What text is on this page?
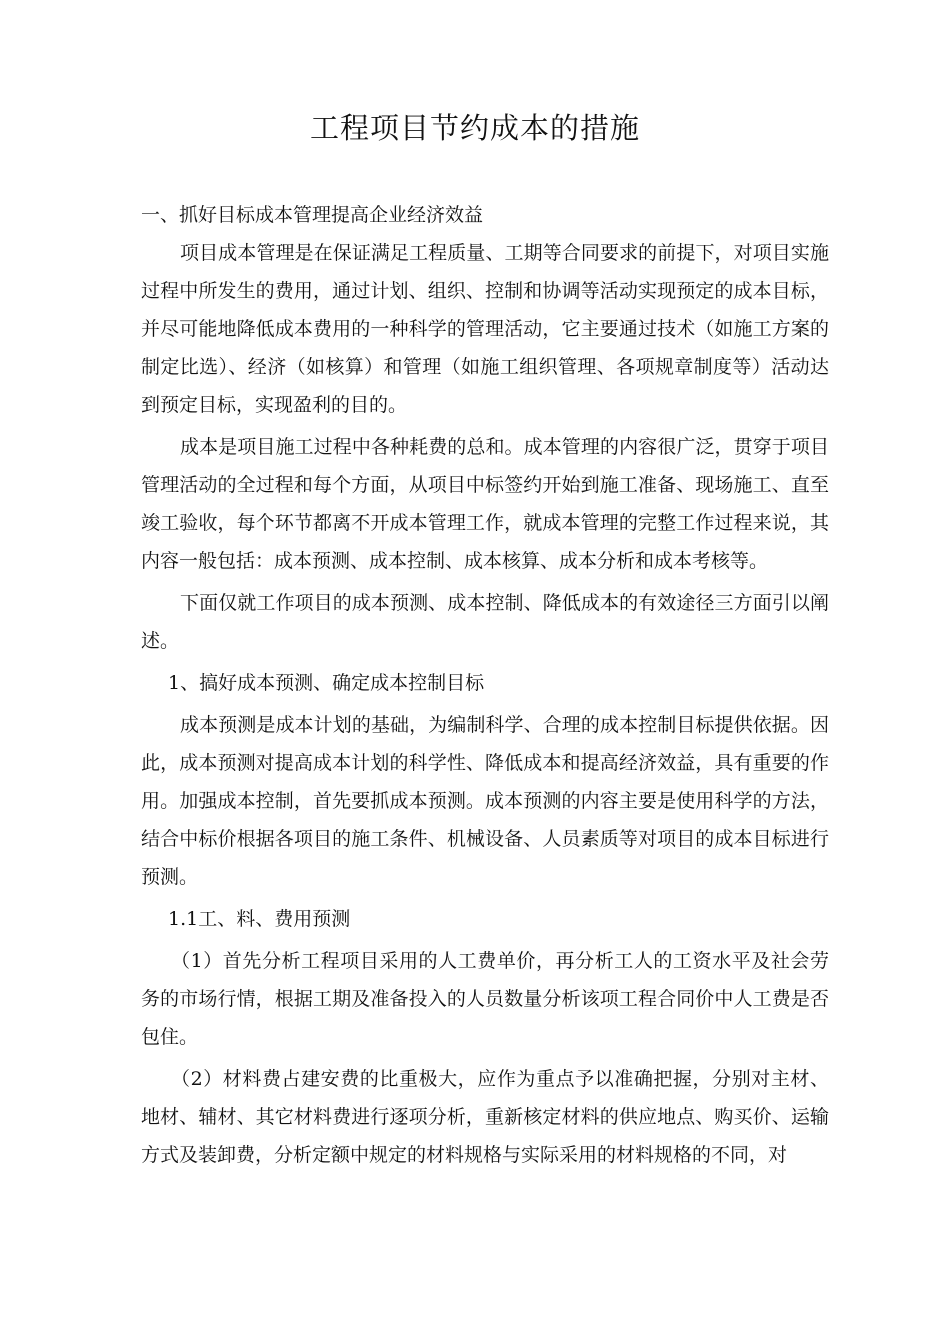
工程项目节约成本的措施

一、抓好目标成本管理提高企业经济效益

项目成本管理是在保证满足工程质量、工期等合同要求的前提下，对项目实施过程中所发生的费用，通过计划、组织、控制和协调等活动实现预定的成本目标，并尽可能地降低成本费用的一种科学的管理活动，它主要通过技术（如施工方案的制定比选）、经济（如核算）和管理（如施工组织管理、各项规章制度等）活动达到预定目标，实现盈利的目的。

成本是项目施工过程中各种耗费的总和。成本管理的内容很广泛，贯穿于项目管理活动的全过程和每个方面，从项目中标签约开始到施工准备、现场施工、直至竣工验收，每个环节都离不开成本管理工作，就成本管理的完整工作过程来说，其内容一般包括：成本预测、成本控制、成本核算、成本分析和成本考核等。

下面仅就工作项目的成本预测、成本控制、降低成本的有效途径三方面引以阐述。

1、搞好成本预测、确定成本控制目标

成本预测是成本计划的基础，为编制科学、合理的成本控制目标提供依据。因此，成本预测对提高成本计划的科学性、降低成本和提高经济效益，具有重要的作用。加强成本控制，首先要抓成本预测。成本预测的内容主要是使用科学的方法，结合中标价根据各项目的施工条件、机械设备、人员素质等对项目的成本目标进行预测。

1.1工、料、费用预测

（1）首先分析工程项目采用的人工费单价，再分析工人的工资水平及社会劳务的市场行情，根据工期及准备投入的人员数量分析该项工程合同价中人工费是否包住。

（2）材料费占建安费的比重极大，应作为重点予以准确把握，分别对主材、地材、辅材、其它材料费进行逐项分析，重新核定材料的供应地点、购买价、运输方式及装卸费，分析定额中规定的材料规格与实际采用的材料规格的不同，对
